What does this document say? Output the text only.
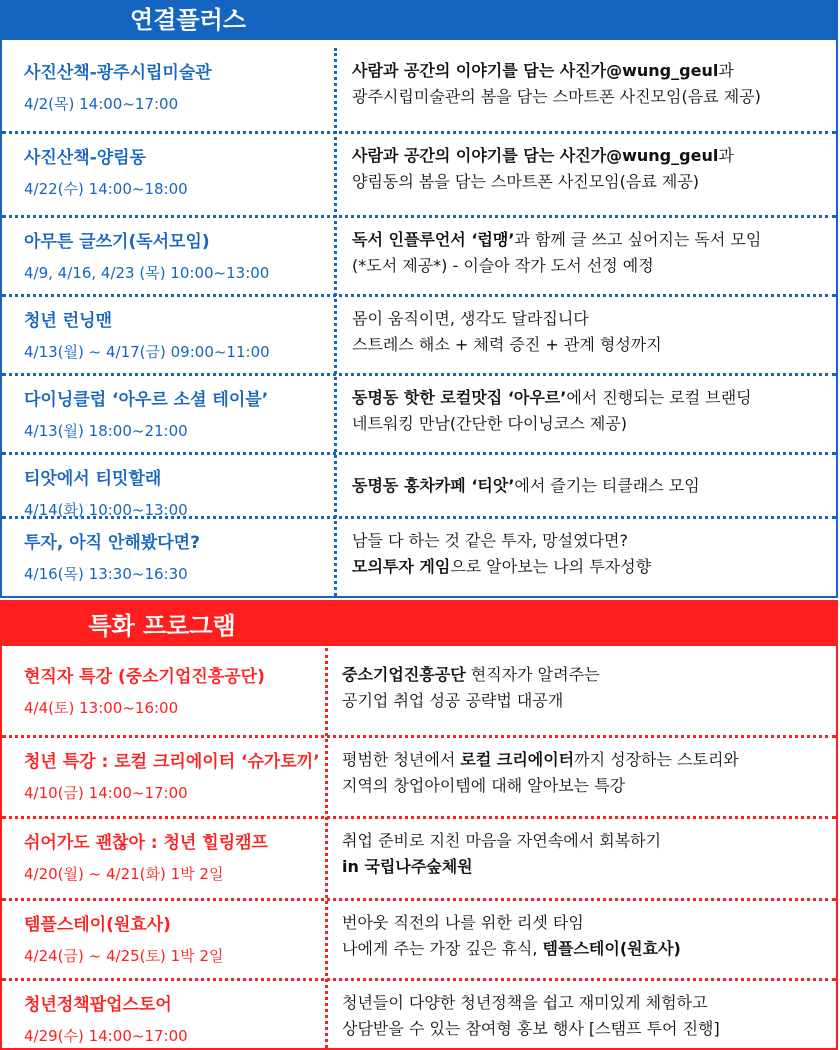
연결플러스
사진산책-광주시립미술관
4/2(목) 14:00~17:00
사람과 공간의 이야기를 담는 사진가@wung_geul과
광주시립미술관의 봄을 담는 스마트폰 사진모임(음료 제공)
사진산책-양림동
4/22(수) 14:00~18:00
사람과 공간의 이야기를 담는 사진가@wung_geul과
양림동의 봄을 담는 스마트폰 사진모임(음료 제공)
아무튼 글쓰기(독서모임)
4/9, 4/16, 4/23 (목) 10:00~13:00
독서 인플루언서 ‘럽맹’과 함께 글 쓰고 싶어지는 독서 모임
(*도서 제공*) - 이슬아 작가 도서 선정 예정
청년 런닝맨
4/13(월) ~ 4/17(금) 09:00~11:00
몸이 움직이면, 생각도 달라집니다
스트레스 해소 + 체력 증진 + 관계 형성까지
다이닝클럽 ‘아우르 소셜 테이블’
4/13(월) 18:00~21:00
동명동 핫한 로컬맛집 ‘아우르’에서 진행되는 로컬 브랜딩
네트워킹 만남(간단한 다이닝코스 제공)
티앗에서 티밋할래
4/14(화) 10:00~13:00
동명동 홍차카페 ‘티앗’에서 즐기는 티클래스 모임
투자, 아직 안해봤다면?
4/16(목) 13:30~16:30
남들 다 하는 것 같은 투자, 망설였다면?
모의투자 게임으로 알아보는 나의 투자성향
특화 프로그램
현직자 특강 (중소기업진흥공단)
4/4(토) 13:00~16:00
중소기업진흥공단 현직자가 알려주는
공기업 취업 성공 공략법 대공개
청년 특강 : 로컬 크리에이터 ‘슈가토끼’
4/10(금) 14:00~17:00
평범한 청년에서 로컬 크리에이터까지 성장하는 스토리와
지역의 창업아이템에 대해 알아보는 특강
쉬어가도 괜찮아 : 청년 힐링캠프
4/20(월) ~ 4/21(화) 1박 2일
취업 준비로 지친 마음을 자연속에서 회복하기
in 국립나주숲체원
템플스테이(원효사)
4/24(금) ~ 4/25(토) 1박 2일
번아웃 직전의 나를 위한 리셋 타임
나에게 주는 가장 깊은 휴식, 템플스테이(원효사)
청년정책팝업스토어
4/29(수) 14:00~17:00
청년들이 다양한 청년정책을 쉽고 재미있게 체험하고
상담받을 수 있는 참여형 홍보 행사 [스탬프 투어 진행]
